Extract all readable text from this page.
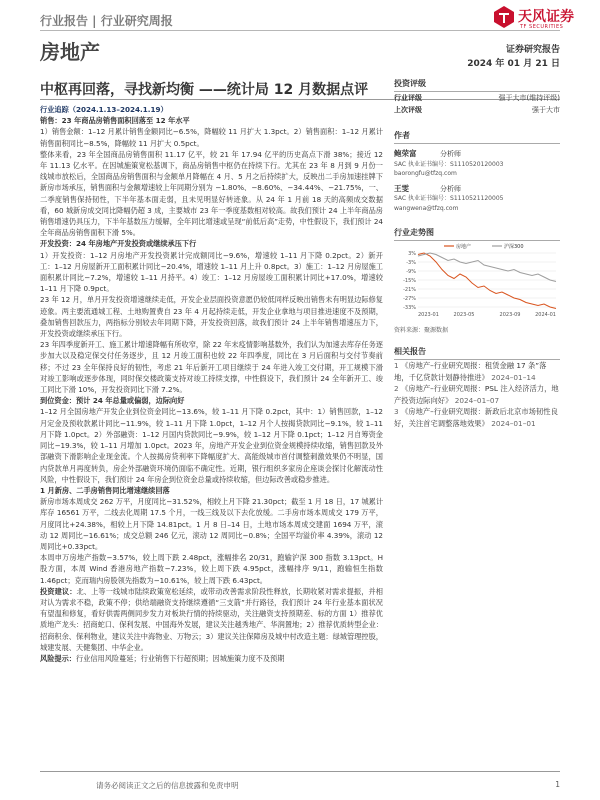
行业报告 | 行业研究周报	天风证券
TF SECURITIES
房地产	证券研究报告
2024 年 01 月 21 日
中枢再回落，寻找新均衡 ——统计局 12 月数据点评

行业追踪（2024.1.13–2024.1.19）

销售：23 年商品房销售面积回落至 12 年水平

1）销售金额：1–12 月累计销售金额同比−6.5%，降幅较 11 月扩大 1.3pct。2）销售面积：1–12 月累计销售面积同比−8.5%，降幅较 11 月扩大 0.5pct。

整体来看，23 年全国商品房销售面积 11.17 亿平，较 21 年 17.94 亿平的历史高点下滑 38%；接近 12 年 11.13 亿水平。在因城施策宽松基调下，商品房销售中枢仍在持续下行。尤其在 23 年 8 月到 9 月份一线城市放松后，全国商品房销售面积与金额单月降幅在 4 月、5 月之后持续扩大，反映出二手房加速挂牌下新房市场承压，销售面积与金额增速较上年同期分别为 −1.80%、−8.60%、−34.44%、−21.75%，一、二季度销售保持韧性，下半年基本面走弱，且未见明显好转迹象。从 24 年 1 月前 18 天的高频成交数据看，60 城新房成交同比降幅仍超 3 成，主要城市 23 年一季度基数相对较高。故我们预计 24 上半年商品房销售增速仍具压力，下半年基数压力缓解，全年同比增速或呈现“前低后高”走势，中性假设下，我们预计 24 全年商品房销售面积下滑 5%。

开发投资：24 年房地产开发投资或继续承压下行

1）开发投资：1–12 月房地产开发投资累计完成额同比−9.6%，增速较 1–11 月下降 0.2pct。2）新开工：1–12 月房屋新开工面积累计同比−20.4%，增速较 1–11 月上升 0.8pct。3）施工：1–12 月房屋施工面积累计同比−7.2%，增速较 1–11 月持平。4）竣工：1–12 月房屋竣工面积累计同比+17.0%，增速较 1–11 月下降 0.9pct。

23 年 12 月，单月开发投资增速继续走低，开发企业层面投资意愿仍较低同样反映出销售未有明显边际修复迹象。两主要流通城工程、土地购置费自 23 年 4 月起持续走低，开发企业拿地与项目推进速度不及预期，叠加销售回款压力，两指标分别较去年同期下降，开发投资回落，故我们预计 24 上半年销售增速压力下，开发投资或继续承压下行。

23 年四季度新开工、施工累计增速降幅有所收窄，除 22 年末疫情影响基数外，我们认为加速去库存任务逐步加大以及稳定保交付任务逐步，且 12 月竣工面积也较 22 年四季度，同比在 3 月后面积与交付节奏前移；不过 23 全年保持良好的韧性，考虑 21 年后新开工项目继续于 24 年进入竣工交付期，开工规模下滑对竣工影响或逐步体现，同时保交楼政策支持对竣工持续支撑，中性假设下，我们预计 24 全年新开工、竣工同比下滑 10%，开发投资同比下滑 7.2%。

到位资金：预计 24 年总量或偏弱，边际向好

1–12 月全国房地产开发企业到位资金同比−13.6%，较 1–11 月下降 0.2pct，其中：1）销售回款，1–12 月定金及预收款累计同比−11.9%，较 1–11 月下降 1.0pct，1–12 月个人按揭贷款同比−9.1%，较 1–11 月下降 1.0pct。2）外部融资：1–12 月国内贷款同比−9.9%，较 1–12 月下降 0.1pct；1–12 月自筹资金同比−19.3%，较 1–11 月增加 1.0pct。2023 年，房地产开发企业到位资金规模持续收缩，销售回款及外部融资下滑影响企业现金流。个人按揭房贷利率下降幅度扩大、高能级城市首付调整刺激效果仍不明显，国内贷款单月再度转负，房企外部融资环境仍面临不确定性。近期，银行组织多家房企座谈会探讨化解流动性风险，中性假设下，我们预计 24 年房企到位资金总量或持续收缩，但边际改善或稳步推进。

1 月新房、二手房销售同比增速继续回落

新房市场本周成交 262 万平，月度同比−31.52%，相较上月下降 21.30pct；截至 1 月 18 日，17 城累计库存 16561 万平，二线去化周期 17.5 个月，一线三线及以下去化放缓。二手房市场本周成交 179 万平，月度同比+24.38%，相较上月下降 14.81pct。1 月 8 日–14 日，土地市场本周成交建面 1694 万平，滚动 12 周同比−16.61%；成交总额 246 亿元，滚动 12 周同比−0.8%；全国平均溢价率 4.39%，滚动 12 周同比+0.33pct。

本周申万房地产指数−3.57%，较上周下跌 2.48pct，涨幅排名 20/31，跑输沪深 300 指数 3.13pct。H 股方面，本周 Wind 香港房地产指数−7.23%，较上周下跌 4.95pct，涨幅排序 9/11，跑输恒生指数 1.46pct；克而瑞内房股领先指数为−10.61%，较上周下跌 6.43pct。

投资建议：北、上等一线城市陆续政策宽松延续，或带动改善需求阶段性释放，长期收紧对需求提振，并相对认为需求不稳，政策不停；供给端融资支持继续遵循“三支箭”并行路径，我们预计 24 年行业基本面状况有望温和修复，看好供需两侧同步发力对板块行情的持续驱动，关注融资支持预期差、标的方面 1）推荐优质地产龙头：招商蛇口、保利发展、中国海外发展，建议关注越秀地产、华润置地；2）推荐优质转型企业：招商积余、保利物业，建议关注中海物业、万物云；3）建议关注保障房及城中村改造主题：绿城管理控股，城建发展、天健集团、中华企业。

风险提示：行业信用风险蔓延；行业销售下行超预期；因城施策力度不及预期

投资评级
行业评级	强于大市(维持评级)
上次评级	强于大市
作者
鲍荣富	分析师
SAC 执业证书编号：S1110520120003
baorongfu@tfzq.com
王雯	分析师
SAC 执业证书编号：S1110521120005
wangwena@tfzq.com
行业走势图
-33%
-27%
-21%
-15%
-9%
-3%
3%
2023-01	2023-05	2023-09	2024-01
房地产	沪深300
资料来源：聚源数据
相关报告
1 《房地产–行业研究周报：租赁金融 17 条”落地，千亿贷款计划静待推进》 2024–01–14
2 《房地产–行业研究周报：PSL 注入经济活力，地产投资边际向好》 2024–01–07
3 《房地产–行业研究周报：新政后北京市场韧性良好，关注首宅调整落地效果》 2024–01–01
请务必阅读正文之后的信息披露和免责申明	1
